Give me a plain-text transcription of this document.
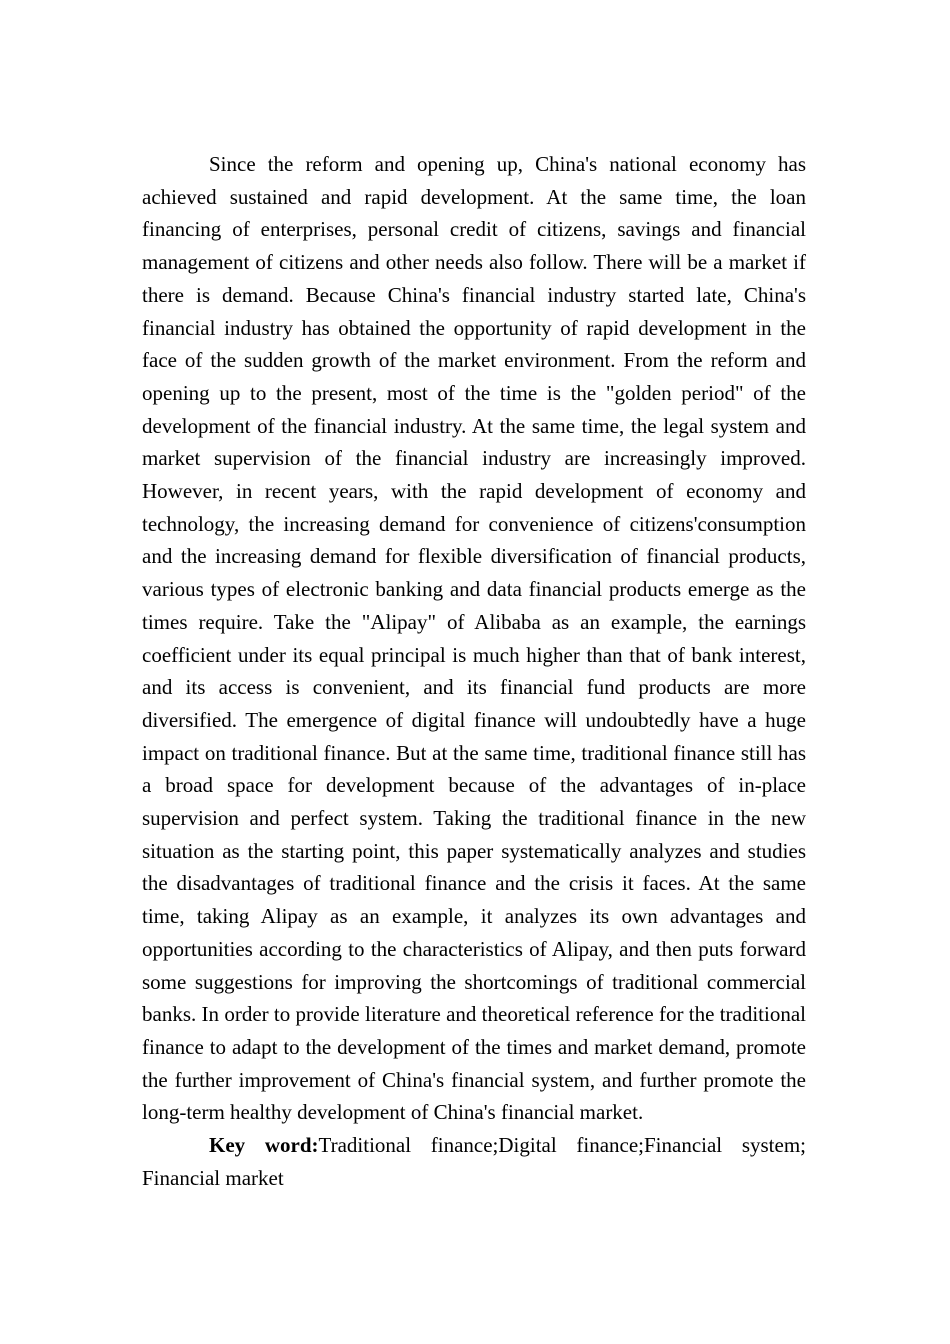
Since the reform and opening up, China's national economy has achieved sustained and rapid development. At the same time, the loan financing of enterprises, personal credit of citizens, savings and financial management of citizens and other needs also follow. There will be a market if there is demand. Because China's financial industry started late, China's financial industry has obtained the opportunity of rapid development in the face of the sudden growth of the market environment. From the reform and opening up to the present, most of the time is the "golden period" of the development of the financial industry. At the same time, the legal system and market supervision of the financial industry are increasingly improved. However, in recent years, with the rapid development of economy and technology, the increasing demand for convenience of citizens'consumption and the increasing demand for flexible diversification of financial products, various types of electronic banking and data financial products emerge as the times require. Take the "Alipay" of Alibaba as an example, the earnings coefficient under its equal principal is much higher than that of bank interest, and its access is convenient, and its financial fund products are more diversified. The emergence of digital finance will undoubtedly have a huge impact on traditional finance. But at the same time, traditional finance still has a broad space for development because of the advantages of in-place supervision and perfect system. Taking the traditional finance in the new situation as the starting point, this paper systematically analyzes and studies the disadvantages of traditional finance and the crisis it faces. At the same time, taking Alipay as an example, it analyzes its own advantages and opportunities according to the characteristics of Alipay, and then puts forward some suggestions for improving the shortcomings of traditional commercial banks. In order to provide literature and theoretical reference for the traditional finance to adapt to the development of the times and market demand, promote the further improvement of China's financial system, and further promote the long-term healthy development of China's financial market.

Key word:Traditional finance;Digital finance;Financial system; Financial market
